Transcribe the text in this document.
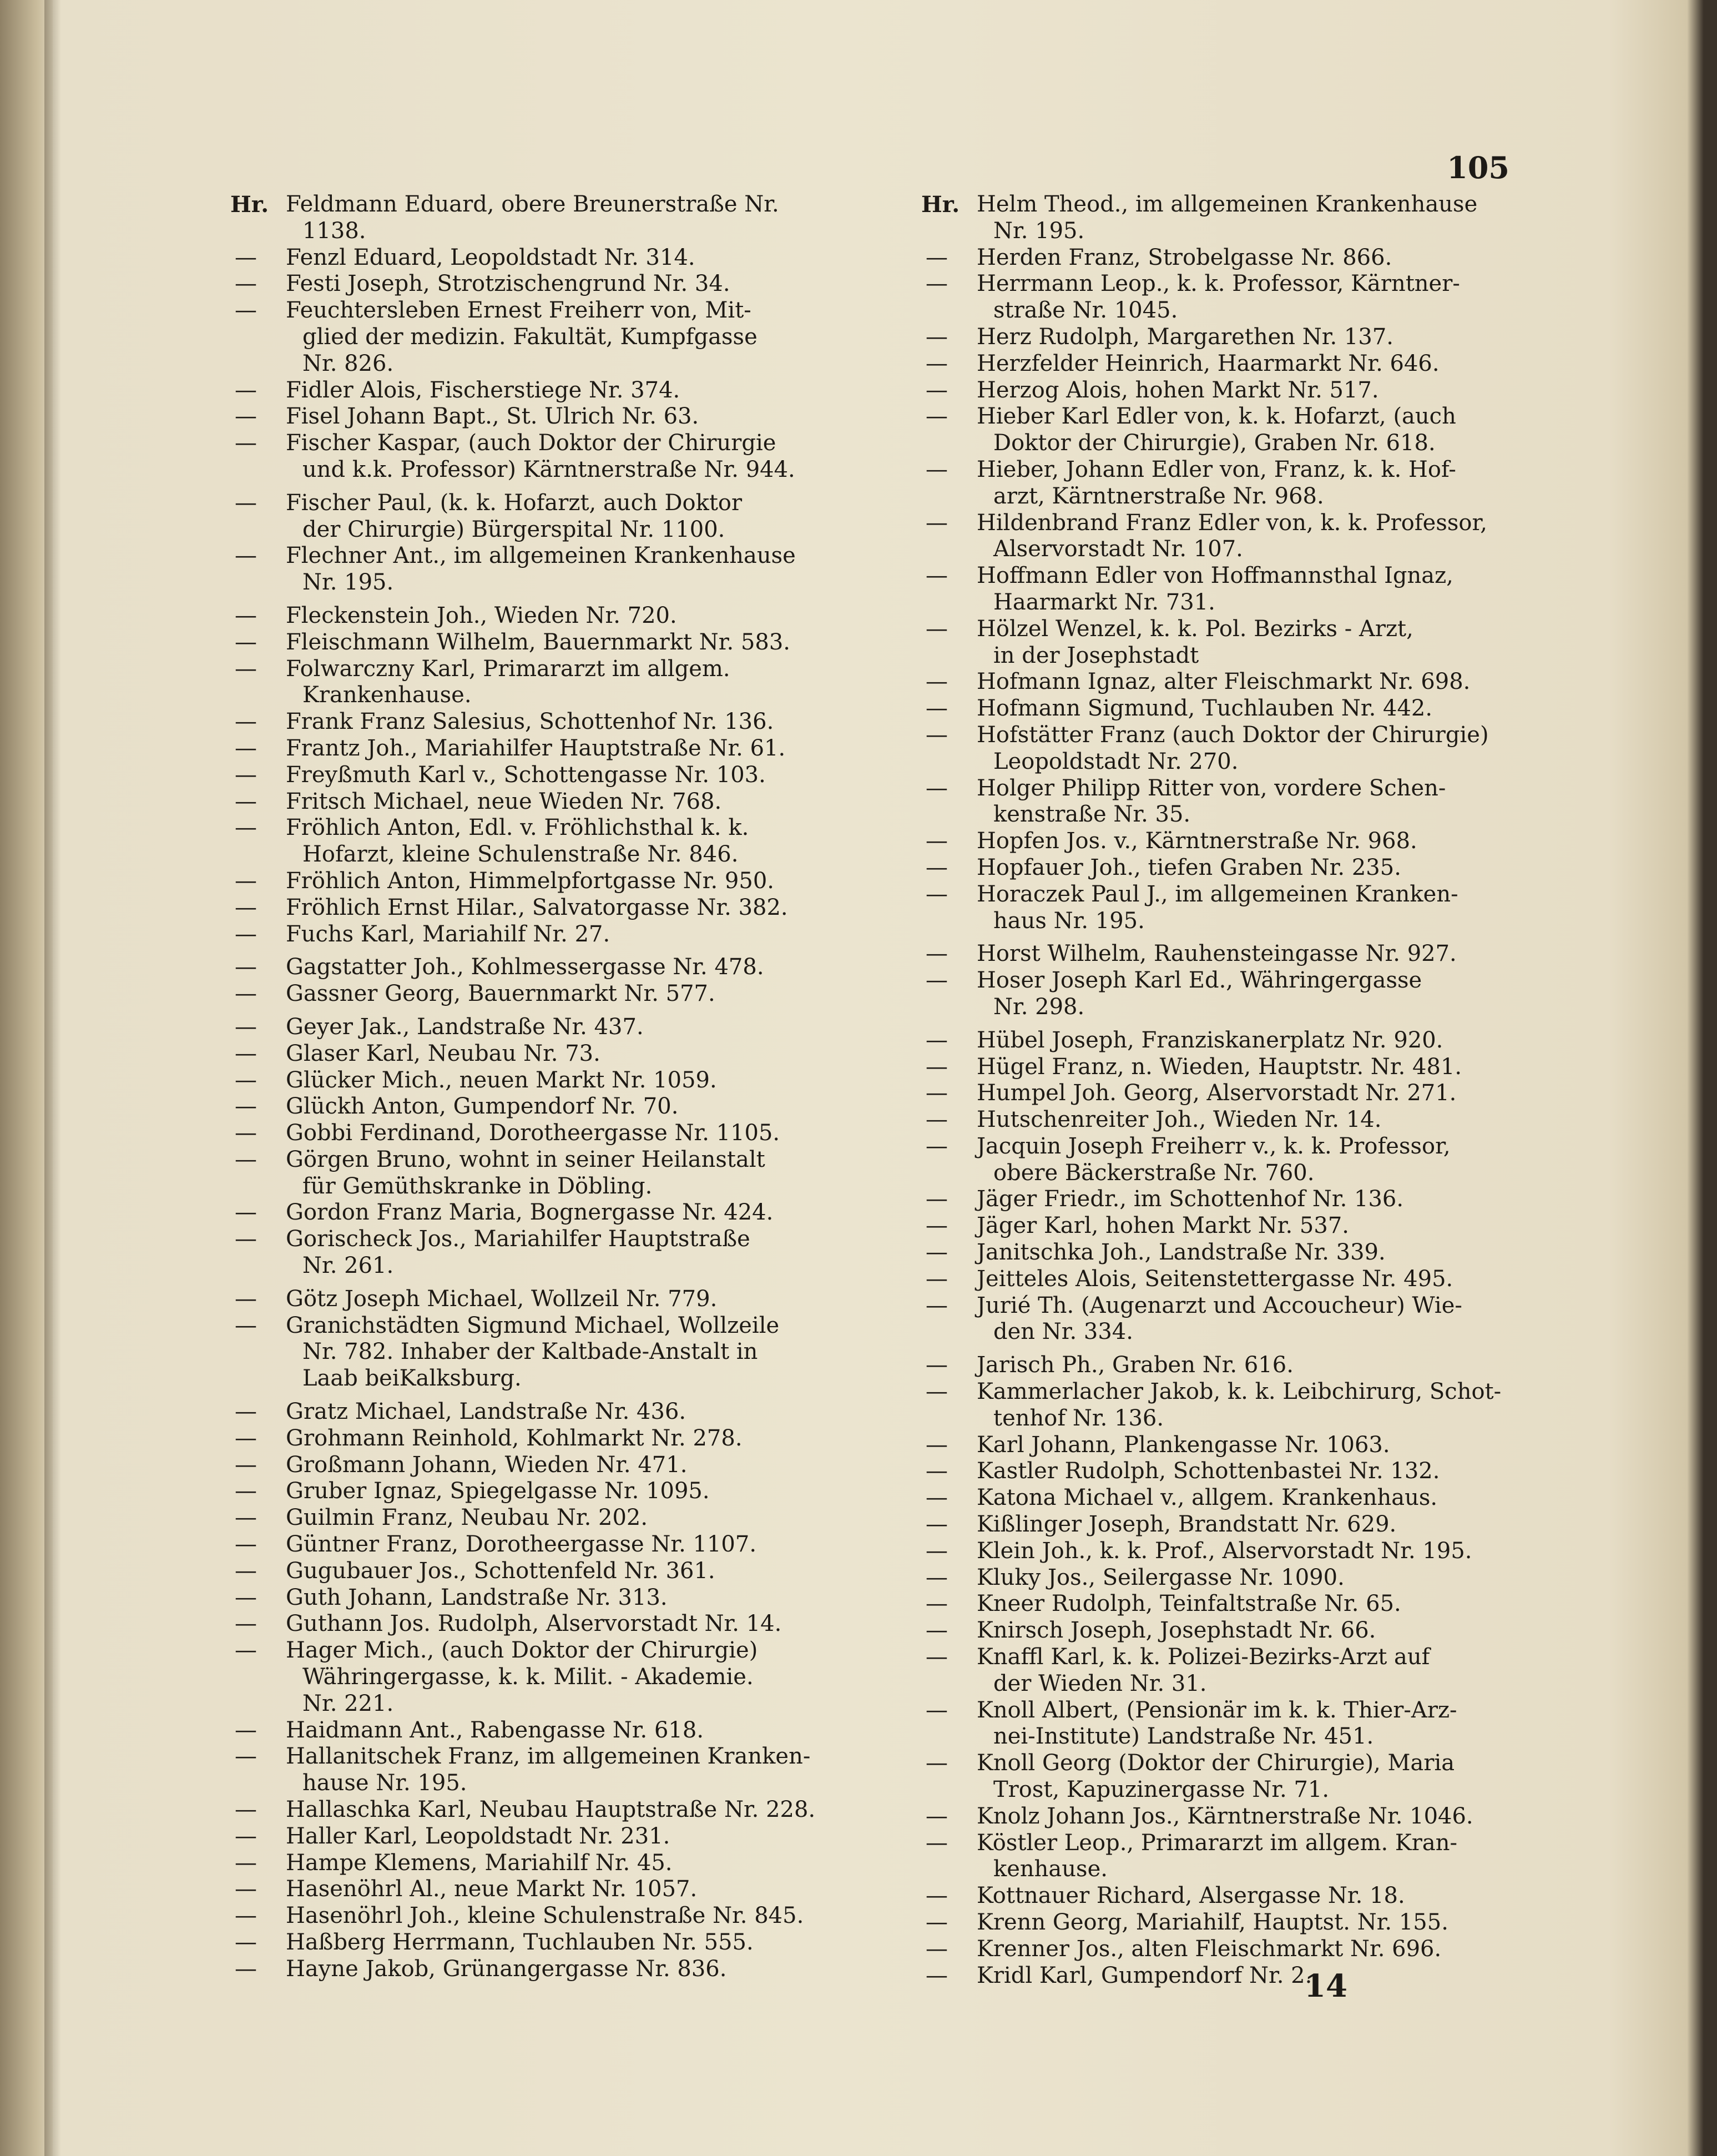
105
Hr. Feldmann Eduard, obere Breunerstraße Nr.
1138.
—	Fenzl Eduard, Leopoldstadt Nr. 314.
—	Festi Joseph, Strotzischengrund Nr. 34.
—	Feuchtersleben Ernest Freiherr von, Mit-
glied der medizin. Fakultät, Kumpfgasse
Nr. 826.
—	Fidler Alois, Fischerstiege Nr. 374.
—	Fisel Johann Bapt., St. Ulrich Nr. 63.
—	Fischer Kaspar, (auch Doktor der Chirurgie
und k.k. Professor) Kärntnerstraße Nr. 944.
—	Fischer Paul, (k. k. Hofarzt, auch Doktor
der Chirurgie) Bürgerspital Nr. 1100.
—	Flechner Ant., im allgemeinen Krankenhause
Nr. 195.
—	Fleckenstein Joh., Wieden Nr. 720.
—	Fleischmann Wilhelm, Bauernmarkt Nr. 583.
—	Folwarczny Karl, Primararzt im allgem.
Krankenhause.
—	Frank Franz Salesius, Schottenhof Nr. 136.
—	Frantz Joh., Mariahilfer Hauptstraße Nr. 61.
—	Freyßmuth Karl v., Schottengasse Nr. 103.
—	Fritsch Michael, neue Wieden Nr. 768.
—	Fröhlich Anton, Edl. v. Fröhlichsthal k. k.
Hofarzt, kleine Schulenstraße Nr. 846.
—	Fröhlich Anton, Himmelpfortgasse Nr. 950.
—	Fröhlich Ernst Hilar., Salvatorgasse Nr. 382.
—	Fuchs Karl, Mariahilf Nr. 27.
—	Gagstatter Joh., Kohlmessergasse Nr. 478.
—	Gassner Georg, Bauernmarkt Nr. 577.
—	Geyer Jak., Landstraße Nr. 437.
—	Glaser Karl, Neubau Nr. 73.
—	Glücker Mich., neuen Markt Nr. 1059.
—	Glückh Anton, Gumpendorf Nr. 70.
—	Gobbi Ferdinand, Dorotheergasse Nr. 1105.
—	Görgen Bruno, wohnt in seiner Heilanstalt
für Gemüthskranke in Döbling.
—	Gordon Franz Maria, Bognergasse Nr. 424.
—	Gorischeck Jos., Mariahilfer Hauptstraße
Nr. 261.
—	Götz Joseph Michael, Wollzeil Nr. 779.
—	Granichstädten Sigmund Michael, Wollzeile
Nr. 782. Inhaber der Kaltbade-Anstalt in
Laab beiKalksburg.
—	Gratz Michael, Landstraße Nr. 436.
—	Grohmann Reinhold, Kohlmarkt Nr. 278.
—	Großmann Johann, Wieden Nr. 471.
—	Gruber Ignaz, Spiegelgasse Nr. 1095.
—	Guilmin Franz, Neubau Nr. 202.
—	Güntner Franz, Dorotheergasse Nr. 1107.
—	Gugubauer Jos., Schottenfeld Nr. 361.
—	Guth Johann, Landstraße Nr. 313.
—	Guthann Jos. Rudolph, Alservorstadt Nr. 14.
—	Hager Mich., (auch Doktor der Chirurgie)
Währingergasse, k. k. Milit. - Akademie.
Nr. 221.
—	Haidmann Ant., Rabengasse Nr. 618.
—	Hallanitschek Franz, im allgemeinen Kranken-
hause Nr. 195.
—	Hallaschka Karl, Neubau Hauptstraße Nr. 228.
—	Haller Karl, Leopoldstadt Nr. 231.
—	Hampe Klemens, Mariahilf Nr. 45.
—	Hasenöhrl Al., neue Markt Nr. 1057.
—	Hasenöhrl Joh., kleine Schulenstraße Nr. 845.
—	Haßberg Herrmann, Tuchlauben Nr. 555.
—	Hayne Jakob, Grünangergasse Nr. 836.
Hr. Helm Theod., im allgemeinen Krankenhause
Nr. 195.
—	Herden Franz, Strobelgasse Nr. 866.
—	Herrmann Leop., k. k. Professor, Kärntner-
straße Nr. 1045.
—	Herz Rudolph, Margarethen Nr. 137.
—	Herzfelder Heinrich, Haarmarkt Nr. 646.
—	Herzog Alois, hohen Markt Nr. 517.
—	Hieber Karl Edler von, k. k. Hofarzt, (auch
Doktor der Chirurgie), Graben Nr. 618.
—	Hieber, Johann Edler von, Franz, k. k. Hof-
arzt, Kärntnerstraße Nr. 968.
—	Hildenbrand Franz Edler von, k. k. Professor,
Alservorstadt Nr. 107.
—	Hoffmann Edler von Hoffmannsthal Ignaz,
Haarmarkt Nr. 731.
—	Hölzel Wenzel, k. k. Pol. Bezirks - Arzt,
in der Josephstadt
—	Hofmann Ignaz, alter Fleischmarkt Nr. 698.
—	Hofmann Sigmund, Tuchlauben Nr. 442.
—	Hofstätter Franz (auch Doktor der Chirurgie)
Leopoldstadt Nr. 270.
—	Holger Philipp Ritter von, vordere Schen-
kenstraße Nr. 35.
—	Hopfen Jos. v., Kärntnerstraße Nr. 968.
—	Hopfauer Joh., tiefen Graben Nr. 235.
—	Horaczek Paul J., im allgemeinen Kranken-
haus Nr. 195.
—	Horst Wilhelm, Rauhensteingasse Nr. 927.
—	Hoser Joseph Karl Ed., Währingergasse
Nr. 298.
—	Hübel Joseph, Franziskanerplatz Nr. 920.
—	Hügel Franz, n. Wieden, Hauptstr. Nr. 481.
—	Humpel Joh. Georg, Alservorstadt Nr. 271.
—	Hutschenreiter Joh., Wieden Nr. 14.
—	Jacquin Joseph Freiherr v., k. k. Professor,
obere Bäckerstraße Nr. 760.
—	Jäger Friedr., im Schottenhof Nr. 136.
—	Jäger Karl, hohen Markt Nr. 537.
—	Janitschka Joh., Landstraße Nr. 339.
—	Jeitteles Alois, Seitenstettergasse Nr. 495.
—	Jurié Th. (Augenarzt und Accoucheur) Wie-
den Nr. 334.
—	Jarisch Ph., Graben Nr. 616.
—	Kammerlacher Jakob, k. k. Leibchirurg, Schot-
tenhof Nr. 136.
—	Karl Johann, Plankengasse Nr. 1063.
—	Kastler Rudolph, Schottenbastei Nr. 132.
—	Katona Michael v., allgem. Krankenhaus.
—	Kißlinger Joseph, Brandstatt Nr. 629.
—	Klein Joh., k. k. Prof., Alservorstadt Nr. 195.
—	Kluky Jos., Seilergasse Nr. 1090.
—	Kneer Rudolph, Teinfaltstraße Nr. 65.
—	Knirsch Joseph, Josephstadt Nr. 66.
—	Knaffl Karl, k. k. Polizei-Bezirks-Arzt auf
der Wieden Nr. 31.
—	Knoll Albert, (Pensionär im k. k. Thier-Arz-
nei-Institute) Landstraße Nr. 451.
—	Knoll Georg (Doktor der Chirurgie), Maria
Trost, Kapuzinergasse Nr. 71.
—	Knolz Johann Jos., Kärntnerstraße Nr. 1046.
—	Köstler Leop., Primararzt im allgem. Kran-
kenhause.
—	Kottnauer Richard, Alsergasse Nr. 18.
—	Krenn Georg, Mariahilf, Hauptst. Nr. 155.
—	Krenner Jos., alten Fleischmarkt Nr. 696.
—	Kridl Karl, Gumpendorf Nr. 2.
14
